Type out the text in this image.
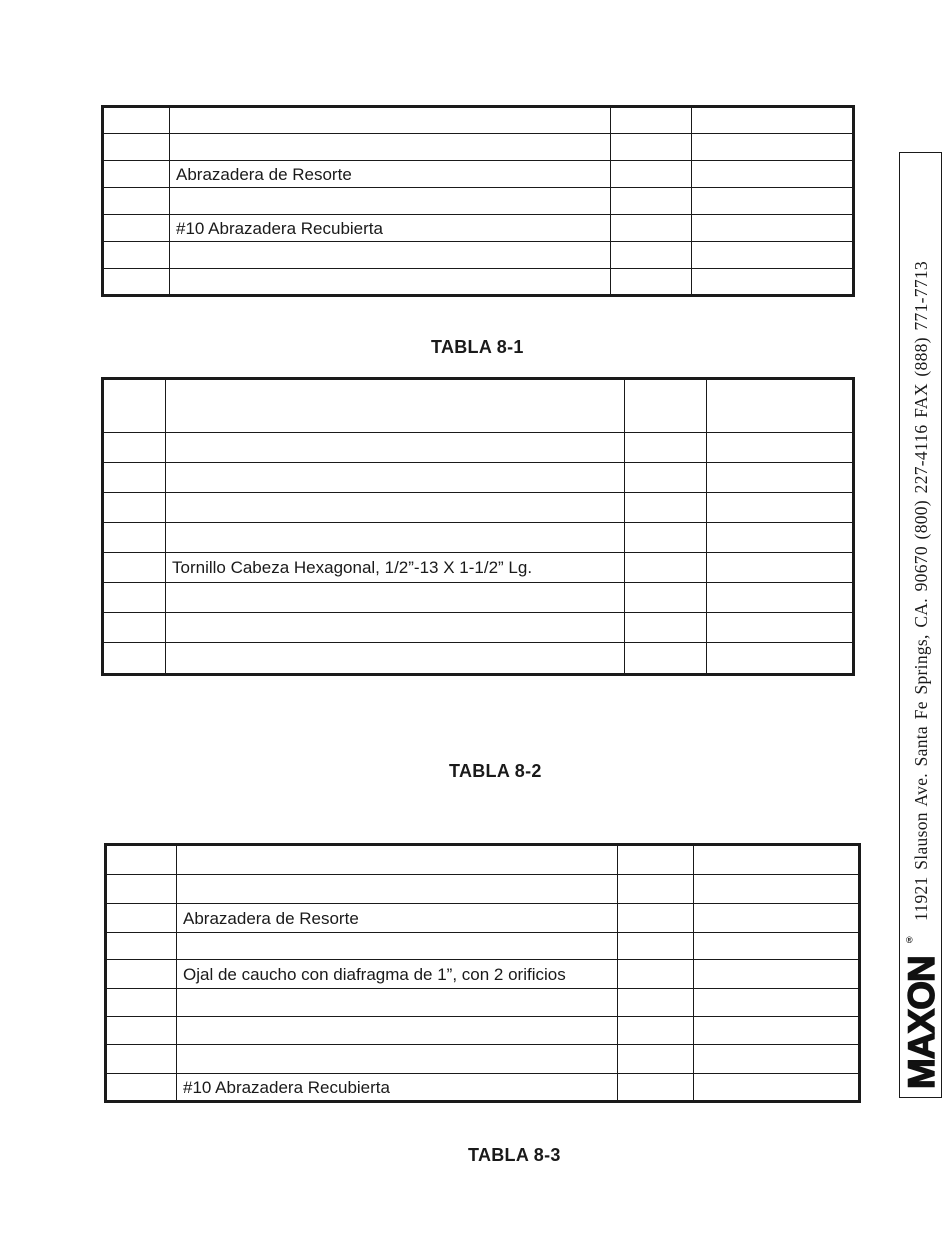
	Abrazadera de Resorte		

	#10 Abrazadera Recubierta		

TABLA 8-1

	Tornillo Cabeza Hexagonal, 1/2”-13 X 1-1/2” Lg.		

TABLA 8-2

	Abrazadera de Resorte		

	Ojal de caucho con diafragma de 1”, con 2 orificios		

	#10 Abrazadera Recubierta		
TABLA 8-3
11921 Slauson Ave. Santa Fe Springs, CA. 90670 (800) 227-4116 FAX (888) 771-7713
MAXON
®
